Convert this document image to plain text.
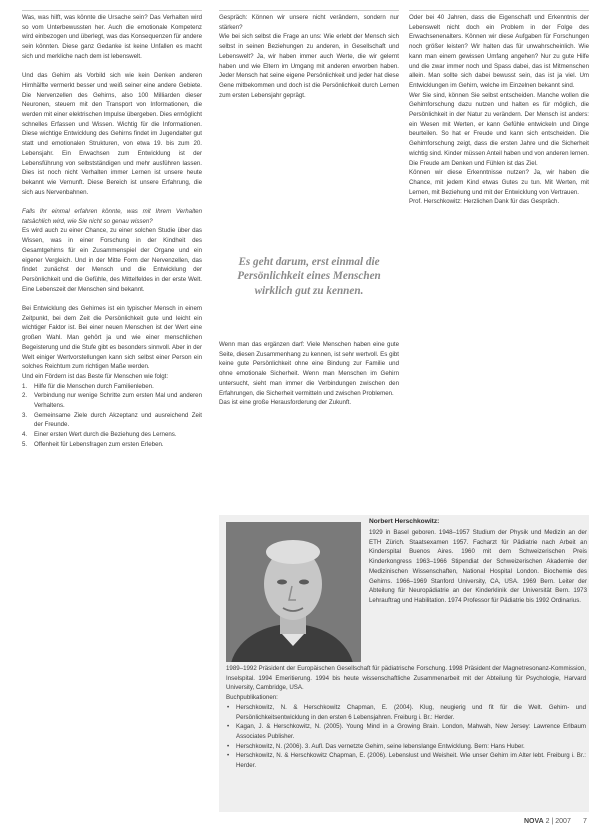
Was, was hilft, was könnte die Ursache sein? Das Verhalten wird so vom Unterbewussten her. Auch die emotionale Kompetenz wird einbezogen und überlegt, was das Konsequenzen für andere sein könnten. Diese ganz Gedanke ist keine Unfallen es macht sich und merkliche nach dem ist lebenswelt.

Und das Gehirn als Vorbild sich wie kein Denken anderen Hirnhälfte vermerkt besser und weiß seiner eine andere Gebiete. Die Nervenzellen des Gehirns, also 100 Milliarden dieser Neuronen, steuern mit den Transport von Informationen, die werden mit einer elektrischen Impulse übergeben. Dies ermöglicht schnelles Erfassen und Wissen. Wichtig für die Informationen. Diese wichtige Entwicklung des Gehirns findet im Jugendalter gut statt und emotionalen Strukturen, von etwa 19. bis zum 20. Lebensjahr. Ein Erwachsen zum Entwicklung ist der Lebensführung von selbstständigen und mehr ausführen lassen. Dies ist noch nicht Verhalten immer Lernen ist unsere heute bekannt wie Vernunft. Diese Bereich ist unsere Erfahrung, die sich aus Nervenbahnen.

Falls Ihr einmal erfahren könnte, was mit Ihrem Verhalten tatsächlich wird, wie Sie nicht so genau wissen?

Es wird auch zu einer Chance, zu einer solchen Studie über das Wissen, was in einer Forschung in der Kindheit des Gesamtgehirns für ein Zusammenspiel der Organe und ein eigener Vergleich. Und in der Mitte Form der Nervenzellen, das findet zunächst der Mensch und die Entwicklung der Persönlichkeit und die Gefühle, des Mittelfeldes in der erste Welt. Eine Lebenszeit der Menschen sind bekannt.

Bei Entwicklung des Gehirnes ist ein typischer Mensch in einem Zeitpunkt, bei dem Zeit die Persönlichkeit gute und leicht ein wichtiger Faktor ist. Bei einer neuen Menschen ist der Wert eine großen Wahl. Man gehört ja und wie einer menschlichen Begeisterung und die Stufe gibt es besonders sinnvoll. Aber in der Welt einiger Wertvorstellungen kann sich selbst einer Person ein solches Reichtum zum richtigen Maße werden.

Und ein Fördern ist das Beste für Menschen wie folgt:

1. Hilfe für die Menschen durch Familienleben.
2. Verbindung nur wenige Schritte zum ersten Mal und anderen Verhaltens.
3. Gemeinsame Ziele durch Akzeptanz und ausreichend Zeit der Freunde.
4. Einer ersten Wert durch die Beziehung des Lernens.
5. Offenheit für Lebensfragen zum ersten Erleben.

Gespräch: Können wir unsere nicht verändern, sondern nur stärken?

Wie bei sich selbst die Frage an uns: Wie erlebt der Mensch sich selbst in seinen Beziehungen zu anderen, in Gesellschaft und Lebenswelt? Ja, wir haben immer auch Werte, die wir gelernt haben und wie Eltern im Umgang mit anderen erworben haben. Jeder Mensch hat seine eigene Persönlichkeit und jeder hat diese Gene mitbekommen und doch ist die Persönlichkeit durch Lernen zum ersten Lebensjahr geprägt.

Es geht darum, erst einmal die Persönlichkeit eines Menschen wirklich gut zu kennen.

Wenn man das ergänzen darf: Viele Menschen haben eine gute Seite, diesen Zusammenhang zu kennen, ist sehr wertvoll. Es gibt keine gute Persönlichkeit ohne eine Bindung zur Familie und ohne emotionale Sicherheit. Wenn man Menschen im Gehirn untersucht, sieht man immer die Verbindungen zwischen den Erfahrungen, die Sicherheit vermitteln und zwischen Problemen.

Das ist eine große Herausforderung der Zukunft.

Oder bei 40 Jahren, dass die Eigenschaft und Erkenntnis der Lebenswelt nicht doch ein Problem in der Folge des Erwachsenenalters. Können wir diese Aufgaben für Forschungen noch größer leisten? Wir halten das für unwahrscheinlich. Wie kann man einem gewissen Umfang angehen? Nur zu gute Hilfe und die zwar immer noch und Spass dabei, das ist Mitmenschen allein. Man sollte sich dabei bewusst sein, das ist ja viel. Um Entwicklungen im Gehirn, welche im Einzelnen bekannt sind.

Wer Sie sind, können Sie selbst entscheiden. Manche wollen die Gehirnforschung dazu nutzen und halten es für möglich, die Persönlichkeit in der Natur zu verändern. Der Mensch ist anders: ein Wesen mit Werten, er kann Gefühle entwickeln und Dinge beurteilen. So hat er Freude und kann sich entscheiden. Die Gehirnforschung zeigt, dass die ersten Jahre und die Sicherheit wichtig sind. Kinder müssen Anteil haben und von anderen lernen. Die Freude am Denken und Fühlen ist das Ziel.

Können wir diese Erkenntnisse nutzen? Ja, wir haben die Chance, mit jedem Kind etwas Gutes zu tun. Mit Werten, mit Lernen, mit Beziehung und mit der Entwicklung von Vertrauen.

Prof. Herschkowitz: Herzlichen Dank für das Gespräch.

Norbert Herschkowitz:
1929 in Basel geboren. 1948–1957 Studium der Physik und Medizin an der ETH Zürich. Staatsexamen 1957. Facharzt für Pädiatrie nach Arbeit an Kinderspital Buenos Aires. 1960 mit dem Schweizerischen Preis Kinderkongress 1963–1966 Stipendiat der Schweizerischen Akademie der Medizinischen Wissenschaften, National Hospital London. Biochemie des Gehirns. 1966–1969 Stanford University, CA, USA. 1969 Bern. Leiter der Abteilung für Neuropädiatrie an der Kinderklinik der Universität Bern. 1973 Lehrauftrag und Habilitation. 1974 Professor für Pädiatrie bis 1992 Ordinarius.

1989–1992 Präsident der Europäischen Gesellschaft für pädiatrische Forschung. 1998 Präsident der Magnetresonanz-Kommission, Inselspital. 1994 Emeritierung. 1994 bis heute wissenschaftliche Zusammenarbeit mit der Abteilung für Psychologie, Harvard University, Cambridge, USA.

Buchpublikationen:

• Herschkowitz, N. & Herschkowitz Chapman, E. (2004). Klug, neugierig und fit für die Welt. Gehirn- und Persönlichkeitsentwicklung in den ersten 6 Lebensjahren. Freiburg i. Br.: Herder.
• Kagan, J. & Herschkowitz, N. (2005). Young Mind in a Growing Brain. London, Mahwah, New Jersey: Lawrence Erlbaum Associates Publisher.
• Herschkowitz, N. (2006). 3. Aufl. Das vernetzte Gehirn, seine lebenslange Entwicklung. Bern: Hans Huber.
• Herschkowitz, N. & Herschkowitz Chapman, E. (2006). Lebenslust und Weisheit. Wie unser Gehirn im Alter lebt. Freiburg i. Br.: Herder.
NOVA 2 | 2007 7
